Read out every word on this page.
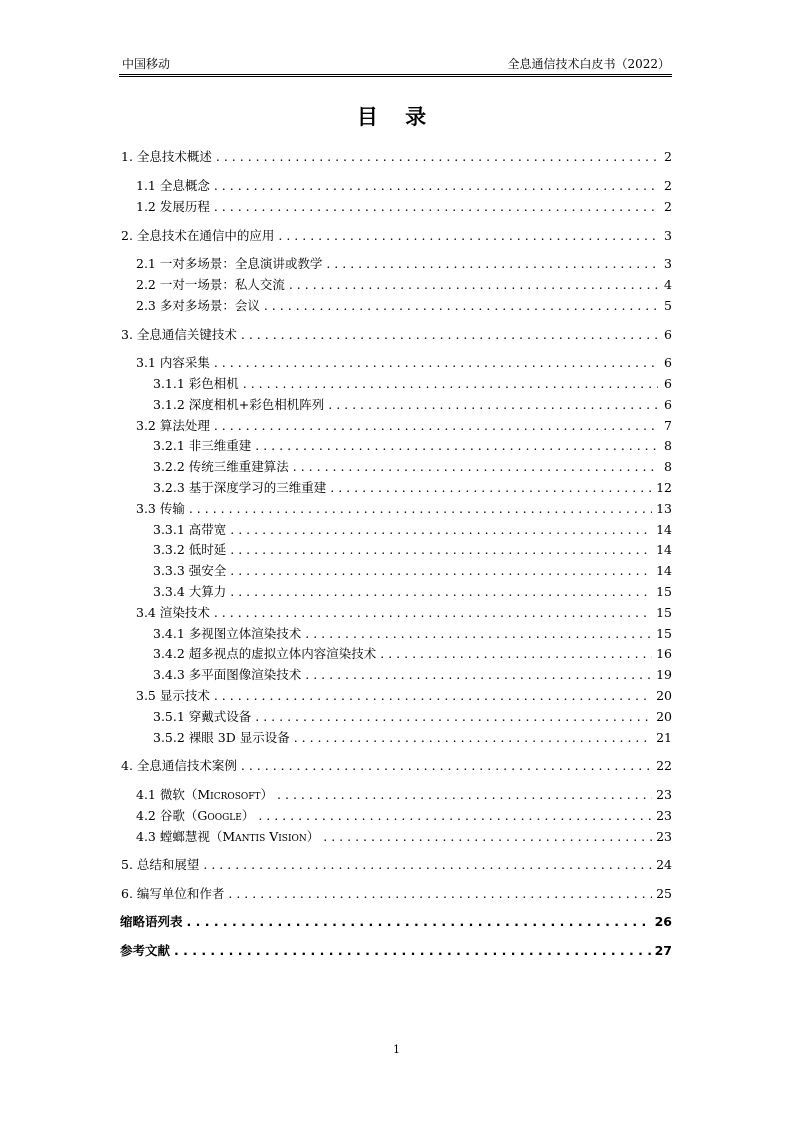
中国移动	全息通信技术白皮书（2022）
目 录
1. 全息技术概述 . . .	2
1.1 全息概念 . . .	2
1.2 发展历程 . . .	2
2. 全息技术在通信中的应用 . . .	3
2.1 一对多场景：全息演讲或教学 . . .	3
2.2 一对一场景：私人交流 . . .	4
2.3 多对多场景：会议 . . .	5
3. 全息通信关键技术 . . .	6
3.1 内容采集 . . .	6
3.1.1 彩色相机 . . .	6
3.1.2 深度相机+彩色相机阵列 . . .	6
3.2 算法处理 . . .	7
3.2.1 非三维重建 . . .	8
3.2.2 传统三维重建算法 . . .	8
3.2.3 基于深度学习的三维重建 . . .	12
3.3 传输 . . .	13
3.3.1 高带宽 . . .	14
3.3.2 低时延 . . .	14
3.3.3 强安全 . . .	14
3.3.4 大算力 . . .	15
3.4 渲染技术 . . .	15
3.4.1 多视图立体渲染技术 . . .	15
3.4.2 超多视点的虚拟立体内容渲染技术 . . .	16
3.4.3 多平面图像渲染技术 . . .	19
3.5 显示技术 . . .	20
3.5.1 穿戴式设备 . . .	20
3.5.2 裸眼 3D 显示设备 . . .	21
4. 全息通信技术案例 . . .	22
4.1 微软（Microsoft） . . .	23
4.2 谷歌（Google） . . .	23
4.3 螳螂慧视（Mantis Vision） . . .	23
5. 总结和展望 . . .	24
6. 编写单位和作者 . . .	25
缩略语列表 . . .	26
参考文献 . . .	27
1
